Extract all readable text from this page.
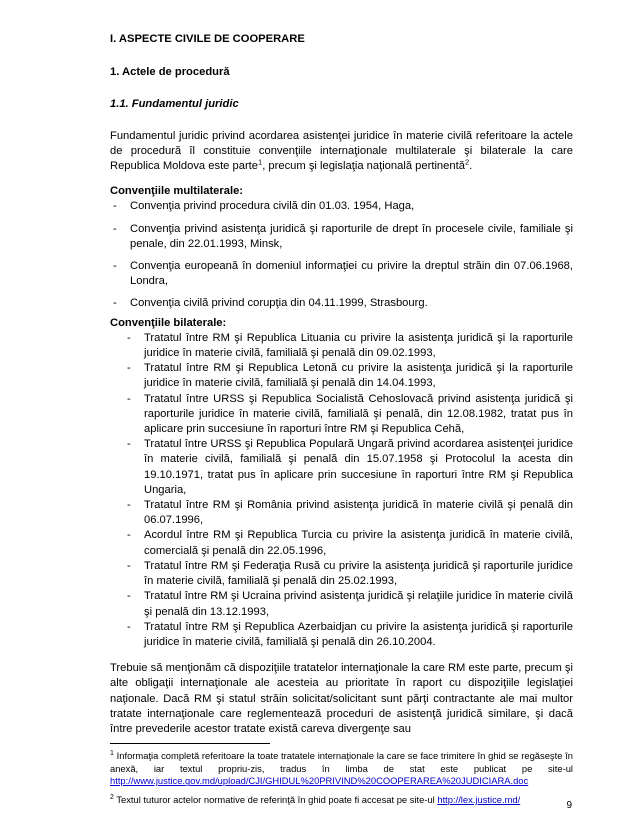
I. ASPECTE CIVILE DE COOPERARE
1. Actele de procedură
1.1. Fundamentul juridic
Fundamentul juridic privind acordarea asistenţei juridice în materie civilă referitoare la actele de procedură îl constituie convenţiile internaţionale multilaterale şi bilaterale la care Republica Moldova este parte$^1$, precum şi legislaţia naţională pertinentă$^2$.
Convenţiile multilaterale:
- Convenţia privind procedura civilă din 01.03. 1954, Haga,
- Convenţia privind asistenţa juridică şi raporturile de drept în procesele civile, familiale şi penale, din 22.01.1993, Minsk,
- Convenţia europeană în domeniul informaţiei cu privire la dreptul străin din 07.06.1968, Londra,
- Convenţia civilă privind corupţia din 04.11.1999, Strasbourg.
Convenţiile bilaterale:
- Tratatul între RM şi Republica Lituania cu privire la asistenţa juridică şi la raporturile juridice în materie civilă, familială şi penală din 09.02.1993,
- Tratatul între RM şi Republica Letonă cu privire la asistenţa juridică şi la raporturile juridice în materie civilă, familială şi penală din 14.04.1993,
- Tratatul între URSS şi Republica Socialistă Cehoslovacă privind asistenţa juridică şi raporturile juridice în materie civilă, familială şi penală, din 12.08.1982, tratat pus în aplicare prin succesiune în raporturi între RM şi Republica Cehă,
- Tratatul între URSS şi Republica Populară Ungară privind acordarea asistenţei juridice în materie civilă, familială şi penală din 15.07.1958 şi Protocolul la acesta din 19.10.1971, tratat pus în aplicare prin succesiune în raporturi între RM şi Republica Ungaria,
- Tratatul între RM şi România privind asistenţa juridică în materie civilă şi penală din 06.07.1996,
- Acordul între RM şi Republica Turcia cu privire la asistenţa juridică în materie civilă, comercială şi penală din 22.05.1996,
- Tratatul între RM şi Federaţia Rusă cu privire la asistenţa juridică şi raporturile juridice în materie civilă, familială şi penală din 25.02.1993,
- Tratatul între RM şi Ucraina privind asistenţa juridică şi relaţiile juridice în materie civilă şi penală din 13.12.1993,
- Tratatul între RM şi Republica Azerbaidjan cu privire la asistenţa juridică şi raporturile juridice în materie civilă, familială şi penală din 26.10.2004.
Trebuie să menţionăm că dispoziţiile tratatelor internaţionale la care RM este parte, precum şi alte obligaţii internaţionale ale acesteia au prioritate în raport cu dispoziţiile legislaţiei naţionale. Dacă RM şi statul străin solicitat/solicitant sunt părţi contractante ale mai multor tratate internaţionale care reglementează proceduri de asistenţă juridică similare, şi dacă între prevederile acestor tratate există careva divergenţe sau
$^1$ Informaţia completă referitoare la toate tratatele internaţionale la care se face trimitere în ghid se regăseşte în anexă, iar textul propriu-zis, tradus în limba de stat este publicat pe site-ul http://www.justice.gov.md/upload/CJI/GHIDUL%20PRIVIND%20COOPERAREA%20JUDICIARA.doc
$^2$ Textul tuturor actelor normative de referinţă în ghid poate fi accesat pe site-ul http://lex.justice.md/
9
